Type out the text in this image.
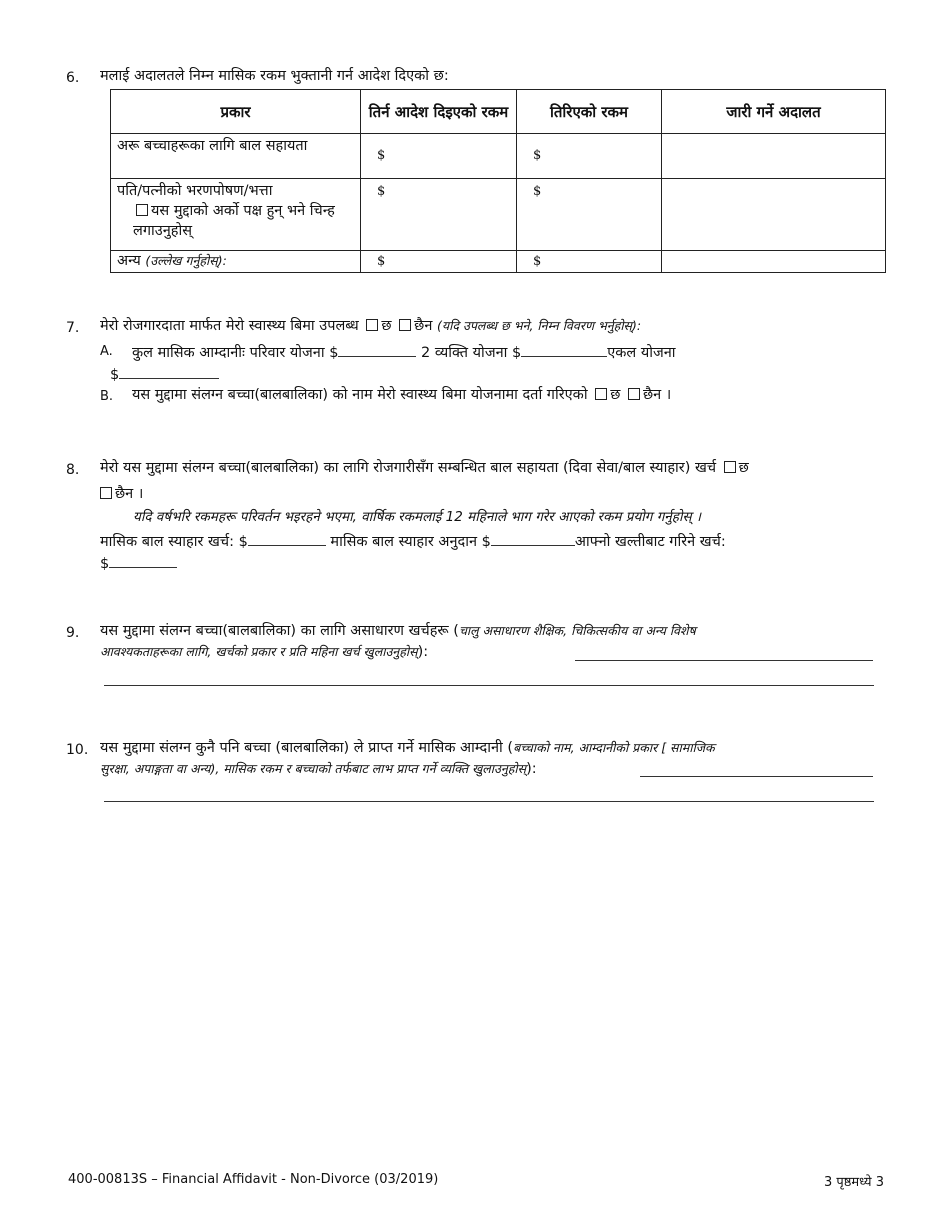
6. मलाई अदालतले निम्न मासिक रकम भुक्तानी गर्न आदेश दिएको छ:
प्रकार	तिर्न आदेश दिइएको रकम	तिरिएको रकम	जारी गर्ने अदालत
अरू बच्चाहरूका लागि बाल सहायता	$	$	

पति/पत्नीको भरणपोषण/भत्ता
यस मुद्दाको अर्को पक्ष हुन् भने चिन्ह लगाउनुहोस्	$	$	
अन्य (उल्लेख गर्नुहोस्):	$	$	
7. मेरो रोजगारदाता मार्फत मेरो स्वास्थ्य बिमा उपलब्ध छ छैन (यदि उपलब्ध छ भने, निम्न विवरण भर्नुहोस्):
A. कुल मासिक आम्दानीः परिवार योजना $	2 व्यक्ति योजना $	एकल योजना
$
B. यस मुद्दामा संलग्न बच्चा(बालबालिका) को नाम मेरो स्वास्थ्य बिमा योजनामा दर्ता गरिएको छ छैन ।
8. मेरो यस मुद्दामा संलग्न बच्चा(बालबालिका) का लागि रोजगारीसँग सम्बन्धित बाल सहायता (दिवा सेवा/बाल स्याहार) खर्च छ
छैन ।
यदि वर्षभरि रकमहरू परिवर्तन भइरहने भएमा, वार्षिक रकमलाई 12 महिनाले भाग गरेर आएको रकम प्रयोग गर्नुहोस् ।
मासिक बाल स्याहार खर्च: $	मासिक बाल स्याहार अनुदान $	आफ्नो खल्तीबाट गरिने खर्च:
$
9. यस मुद्दामा संलग्न बच्चा(बालबालिका) का लागि असाधारण खर्चहरू (चालु असाधारण शैक्षिक, चिकित्सकीय वा अन्य विशेष
आवश्यकताहरूका लागि, खर्चको प्रकार र प्रति महिना खर्च खुलाउनुहोस्):
10. यस मुद्दामा संलग्न कुनै पनि बच्चा (बालबालिका) ले प्राप्त गर्ने मासिक आम्दानी (बच्चाको नाम, आम्दानीको प्रकार [ सामाजिक
सुरक्षा, अपाङ्गता वा अन्य), मासिक रकम र बच्चाको तर्फबाट लाभ प्राप्त गर्ने व्यक्ति खुलाउनुहोस्):
400-00813S – Financial Affidavit - Non-Divorce (03/2019)	3 पृष्ठमध्ये 3
